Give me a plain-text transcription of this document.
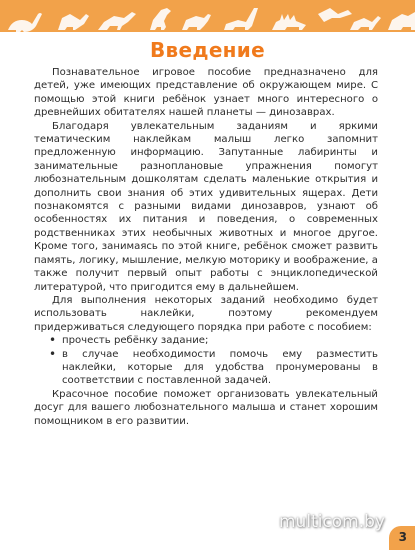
Введение

Познавательное игровое пособие предназначено для детей, уже имеющих представление об окружающем мире. С помощью этой книги ребёнок узнает много интересного о древнейших обитателях нашей планеты — динозаврах.

Благодаря увлекательным заданиям и яркими тематическим наклейкам малыш легко запомнит предложенную информацию. Запутанные лабиринты и занимательные разноплановые упражнения помогут любознательным дошколятам сделать маленькие открытия и дополнить свои знания об этих удивительных ящерах. Дети познакомятся с разными видами динозавров, узнают об особенностях их питания и поведения, о современных родственниках этих необычных животных и многое другое. Кроме того, занимаясь по этой книге, ребёнок сможет развить память, логику, мышление, мелкую моторику и воображение, а также получит первый опыт работы с энциклопедической литературой, что пригодится ему в дальнейшем.

Для выполнения некоторых заданий необходимо будет использовать наклейки, поэтому рекомендуем придерживаться следующего порядка при работе с пособием:

• прочесть ребёнку задание;
• в случае необходимости помочь ему разместить наклейки, которые для удобства пронумерованы в соответствии с поставленной задачей.

Красочное пособие поможет организовать увлекательный досуг для вашего любознательного малыша и станет хорошим помощником в его развитии.

multicom.by
3
